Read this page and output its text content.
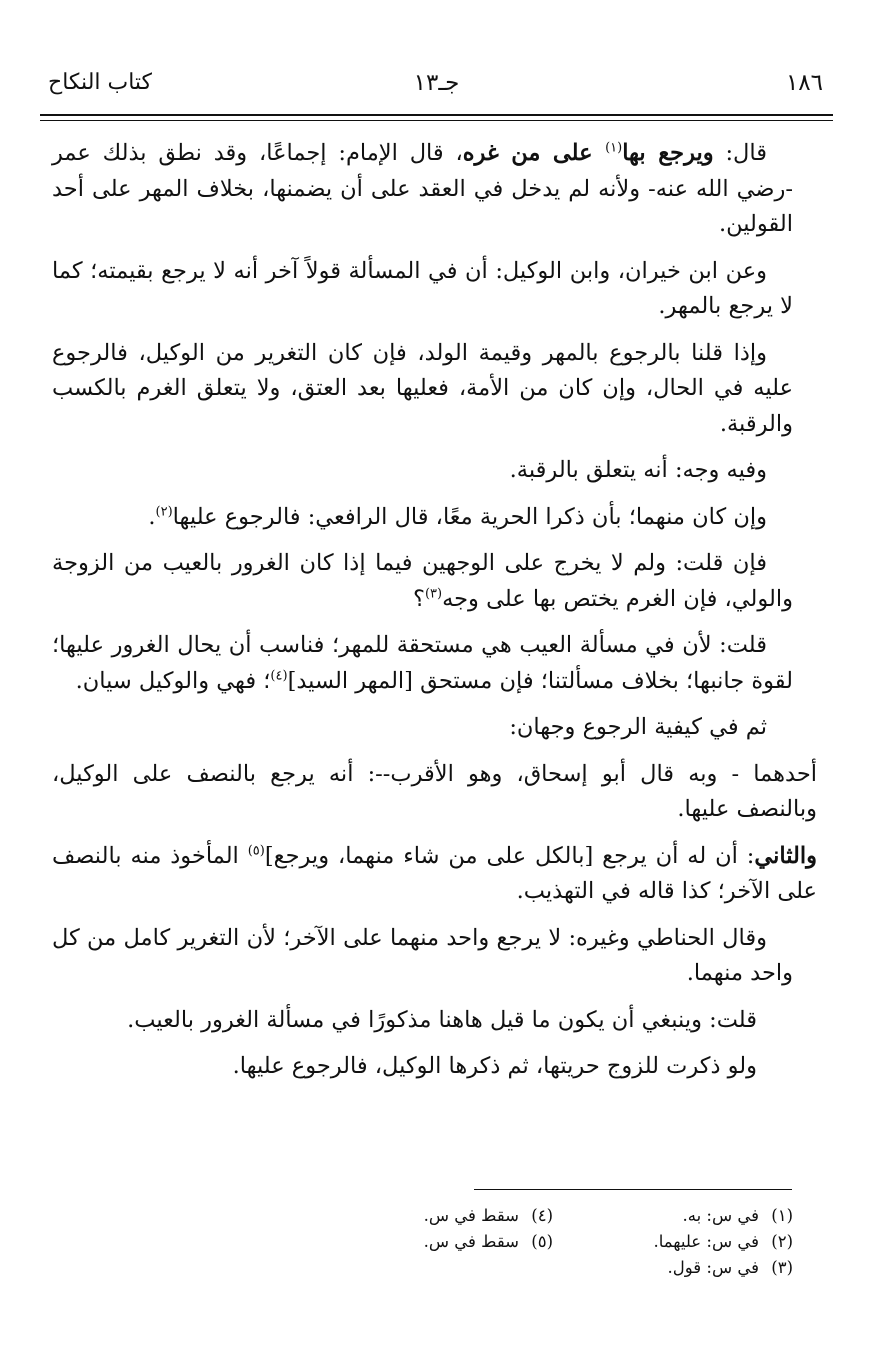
١٨٦
جـ١٣
كتاب النكاح

قال: ويرجع بها$^{(١)}$ على من غره، قال الإمام: إجماعًا، وقد نطق بذلك عمر -رضي الله عنه- ولأنه لم يدخل في العقد على أن يضمنها، بخلاف المهر على أحد القولين.

وعن ابن خيران، وابن الوكيل: أن في المسألة قولاً آخر أنه لا يرجع بقيمته؛ كما لا يرجع بالمهر.

وإذا قلنا بالرجوع بالمهر وقيمة الولد، فإن كان التغرير من الوكيل، فالرجوع عليه في الحال، وإن كان من الأمة، فعليها بعد العتق، ولا يتعلق الغرم بالكسب والرقبة.

وفيه وجه: أنه يتعلق بالرقبة.

وإن كان منهما؛ بأن ذكرا الحرية معًا، قال الرافعي: فالرجوع عليها$^{(٢)}$.

فإن قلت: ولم لا يخرج على الوجهين فيما إذا كان الغرور بالعيب من الزوجة والولي، فإن الغرم يختص بها على وجه$^{(٣)}$؟

قلت: لأن في مسألة العيب هي مستحقة للمهر؛ فناسب أن يحال الغرور عليها؛ لقوة جانبها؛ بخلاف مسألتنا؛ فإن مستحق [المهر السيد]$^{(٤)}$؛ فهي والوكيل سيان.

ثم في كيفية الرجوع وجهان:

أحدهما - وبه قال أبو إسحاق، وهو الأقرب--: أنه يرجع بالنصف على الوكيل، وبالنصف عليها.

والثاني: أن له أن يرجع [بالكل على من شاء منهما، ويرجع]$^{(٥)}$ المأخوذ منه بالنصف على الآخر؛ كذا قاله في التهذيب.

وقال الحناطي وغيره: لا يرجع واحد منهما على الآخر؛ لأن التغرير كامل من كل واحد منهما.

قلت: وينبغي أن يكون ما قيل هاهنا مذكورًا في مسألة الغرور بالعيب.

ولو ذكرت للزوج حريتها، ثم ذكرها الوكيل، فالرجوع عليها.

(١)في س: به.
(٢)في س: عليهما.
(٣)في س: قول.
(٤)سقط في س.
(٥)سقط في س.
